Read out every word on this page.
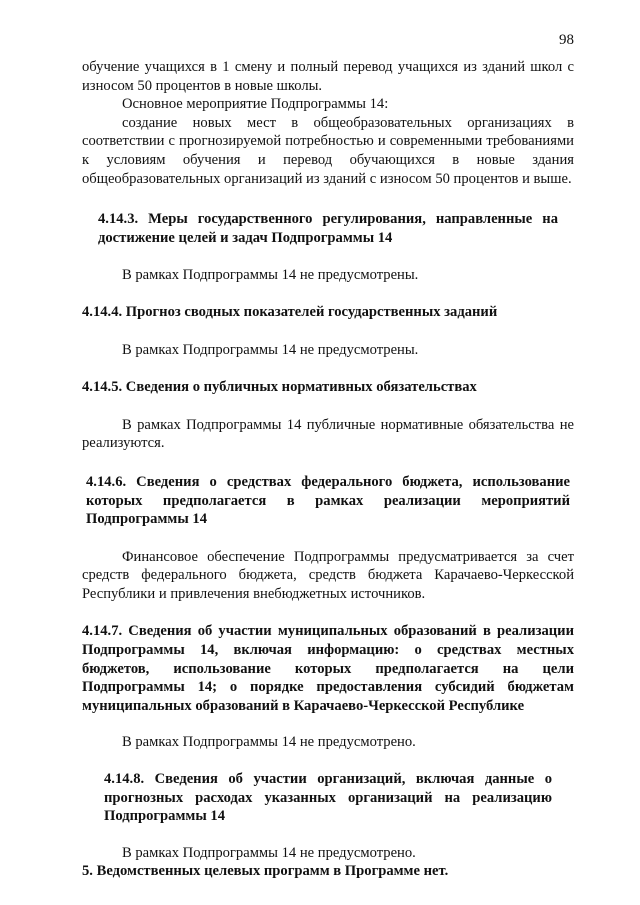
98

обучение учащихся в 1 смену и полный перевод учащихся из зданий школ с износом 50 процентов в новые школы.

Основное мероприятие Подпрограммы 14:

создание новых мест в общеобразовательных организациях в соответствии с прогнозируемой потребностью и современными требованиями к условиям обучения и перевод обучающихся в новые здания общеобразовательных организаций из зданий с износом 50 процентов и выше.

4.14.3. Меры государственного регулирования, направленные на достижение целей и задач Подпрограммы 14

В рамках Подпрограммы 14 не предусмотрены.

4.14.4. Прогноз сводных показателей государственных заданий

В рамках Подпрограммы 14 не предусмотрены.

4.14.5. Сведения о публичных нормативных обязательствах

В рамках Подпрограммы 14 публичные нормативные обязательства не реализуются.

4.14.6. Сведения о средствах федерального бюджета, использование которых предполагается в рамках реализации мероприятий Подпрограммы 14

Финансовое обеспечение Подпрограммы предусматривается за счет средств федерального бюджета, средств бюджета Карачаево-Черкесской Республики и привлечения внебюджетных источников.

4.14.7. Сведения об участии муниципальных образований в реализации Подпрограммы 14, включая информацию: о средствах местных бюджетов, использование которых предполагается на цели Подпрограммы 14; о порядке предоставления субсидий бюджетам муниципальных образований в Карачаево-Черкесской Республике

В рамках Подпрограммы 14 не предусмотрено.

4.14.8. Сведения об участии организаций, включая данные о прогнозных расходах указанных организаций на реализацию Подпрограммы 14

В рамках Подпрограммы 14 не предусмотрено.

5. Ведомственных целевых программ в Программе нет.
